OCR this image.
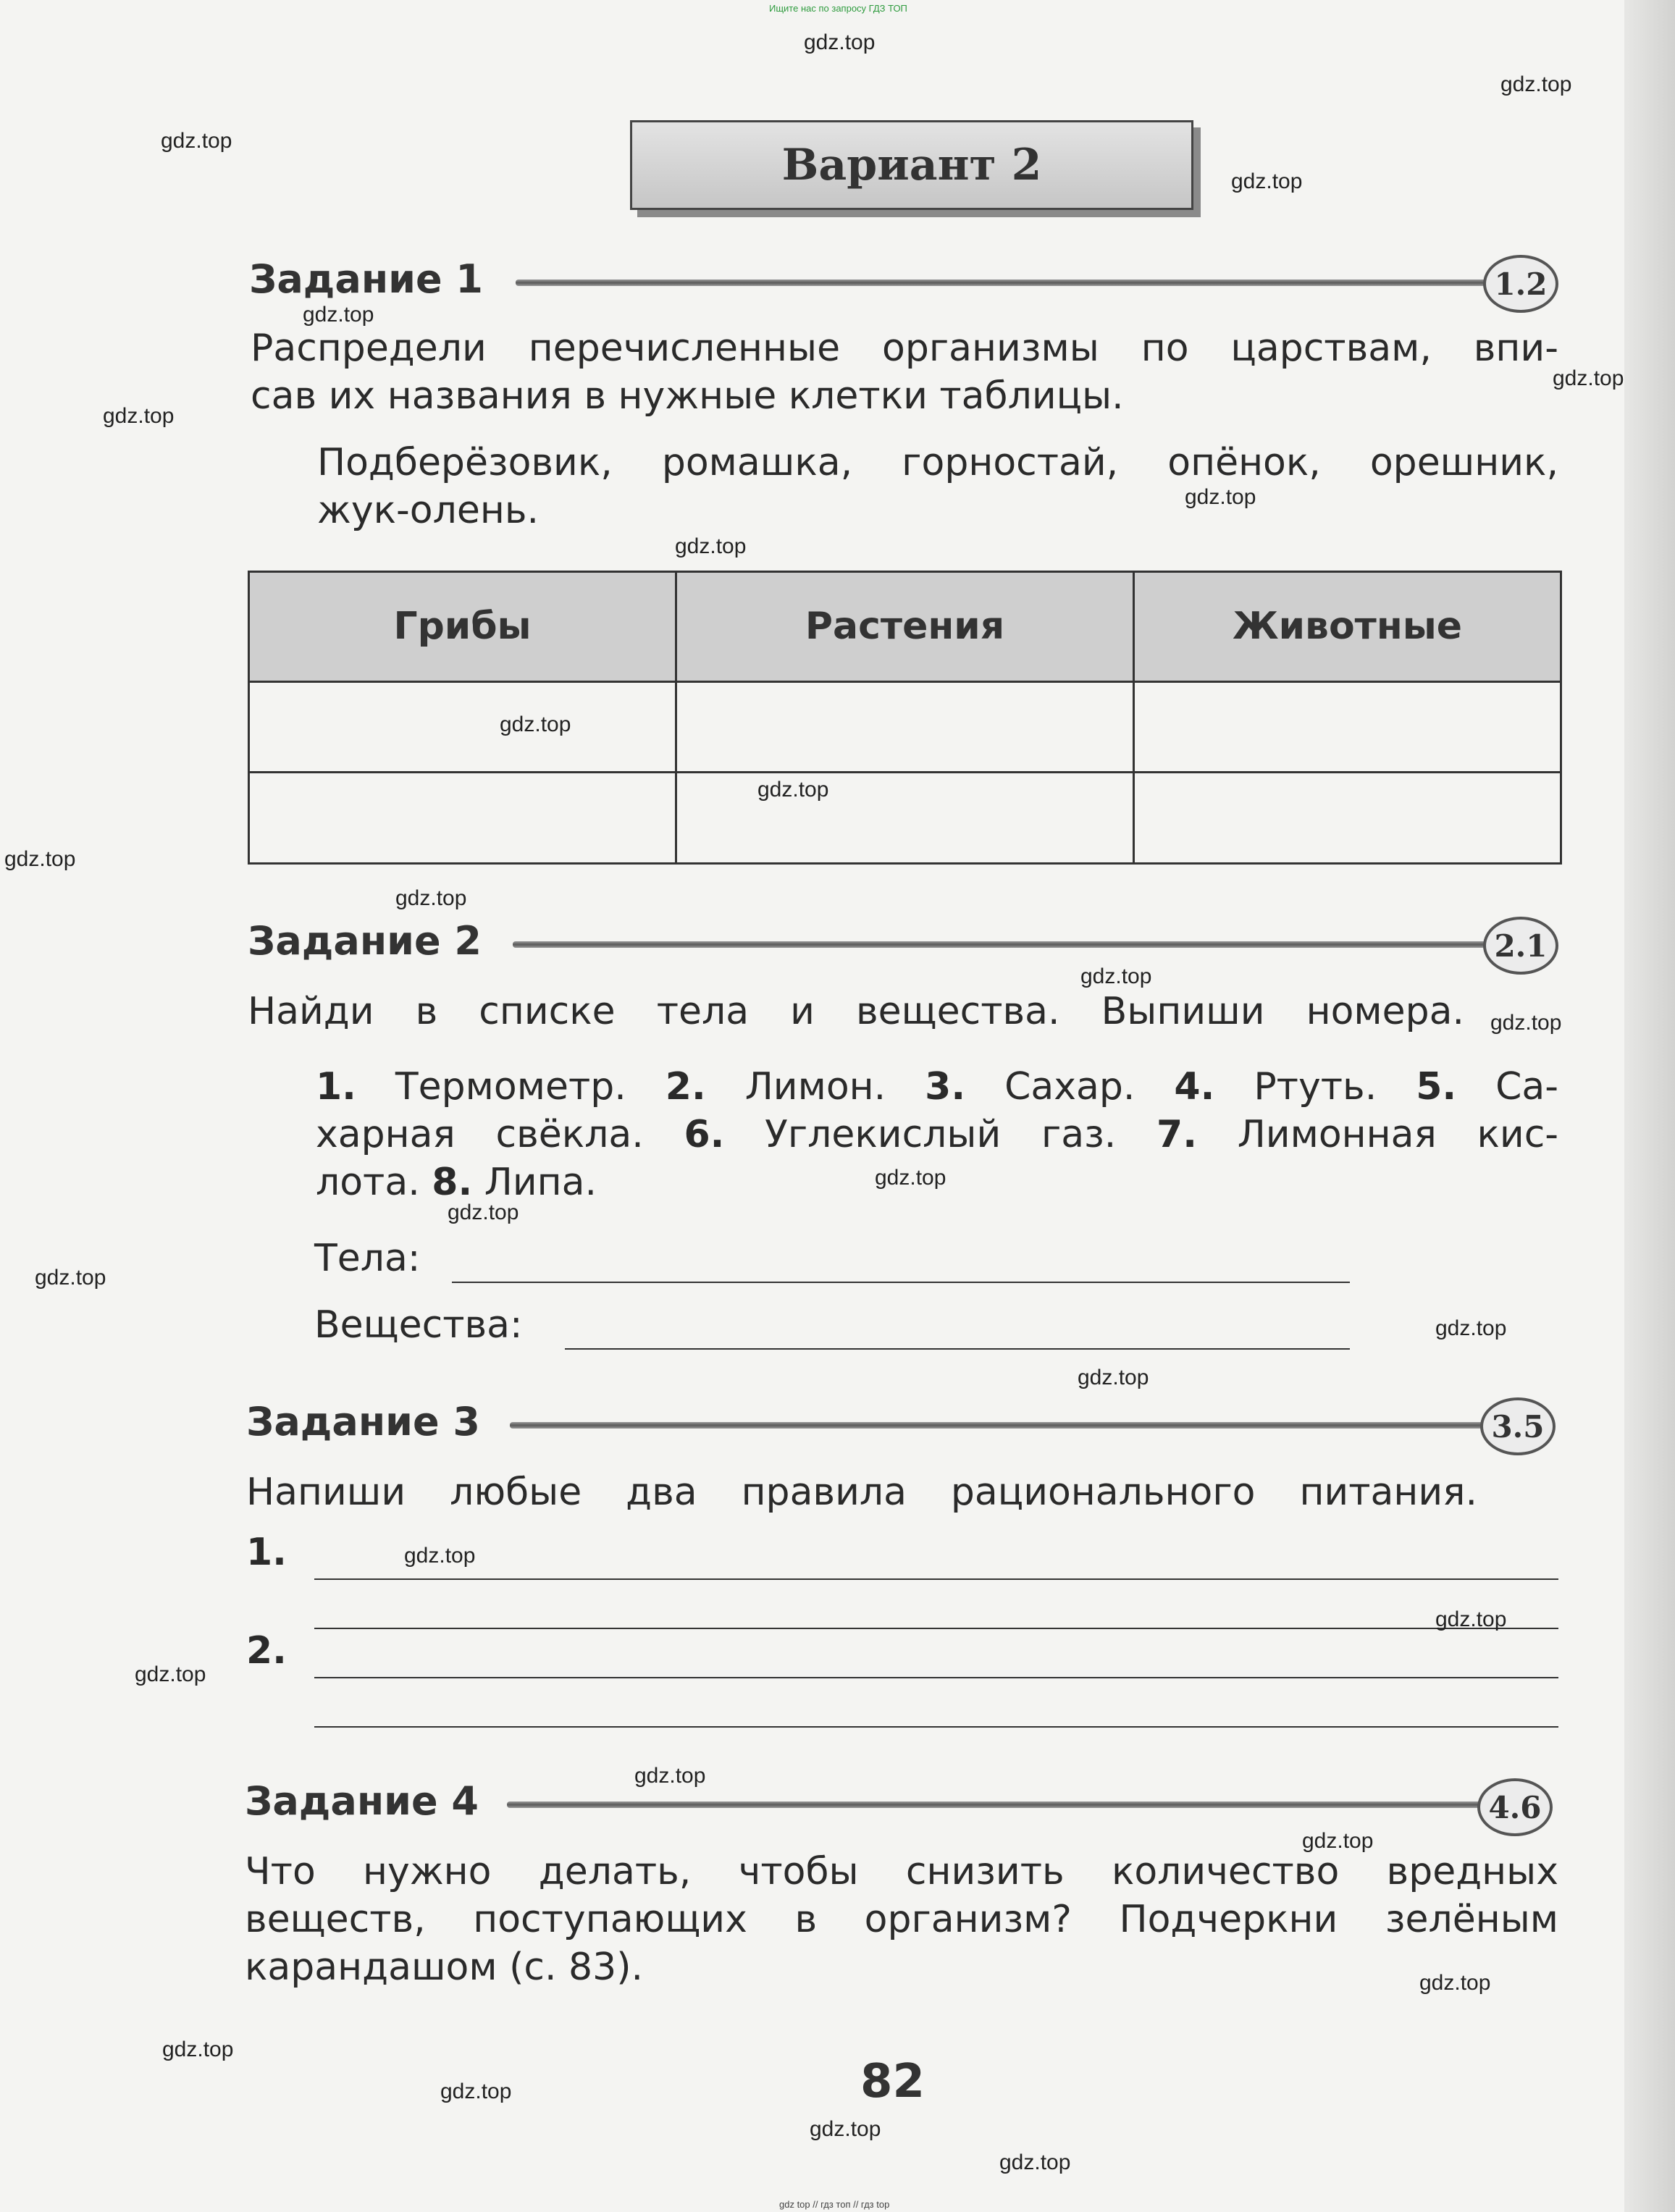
Ищите нас по запросу ГДЗ ТОП
Вариант 2
Задание 1	1.2

Распредели перечисленные организмы по царствам, впи-

сав их названия в нужные клетки таблицы.

Подберёзовик, ромашка, горностай, опёнок, орешник,

жук-олень.

Грибы	Растения	Животные

Задание 2	2.1

Найди в списке тела и вещества. Выпиши номера.

1. Термометр. 2. Лимон. 3. Сахар. 4. Ртуть. 5. Са-

харная свёкла. 6. Углекислый газ. 7. Лимонная кис-

лота. 8. Липа.

Тела:
Вещества:
Задание 3	3.5

Напиши любые два правила рационального питания.

1.
2.
Задание 4	4.6

Что нужно делать, чтобы снизить количество вредных

веществ, поступающих в организм? Подчеркни зелёным

карандашом (с. 83).

82
gdz.top
gdz.top
gdz.top
gdz.top
gdz.top
gdz.top
gdz.top
gdz.top
gdz.top
gdz.top
gdz.top
gdz.top
gdz.top
gdz.top
gdz.top
gdz.top
gdz.top
gdz.top
gdz.top
gdz.top
gdz.top
gdz.top
gdz.top
gdz.top
gdz.top
gdz.top
gdz.top
gdz.top
gdz.top
gdz.top
gdz top // гдз топ // гдз top
